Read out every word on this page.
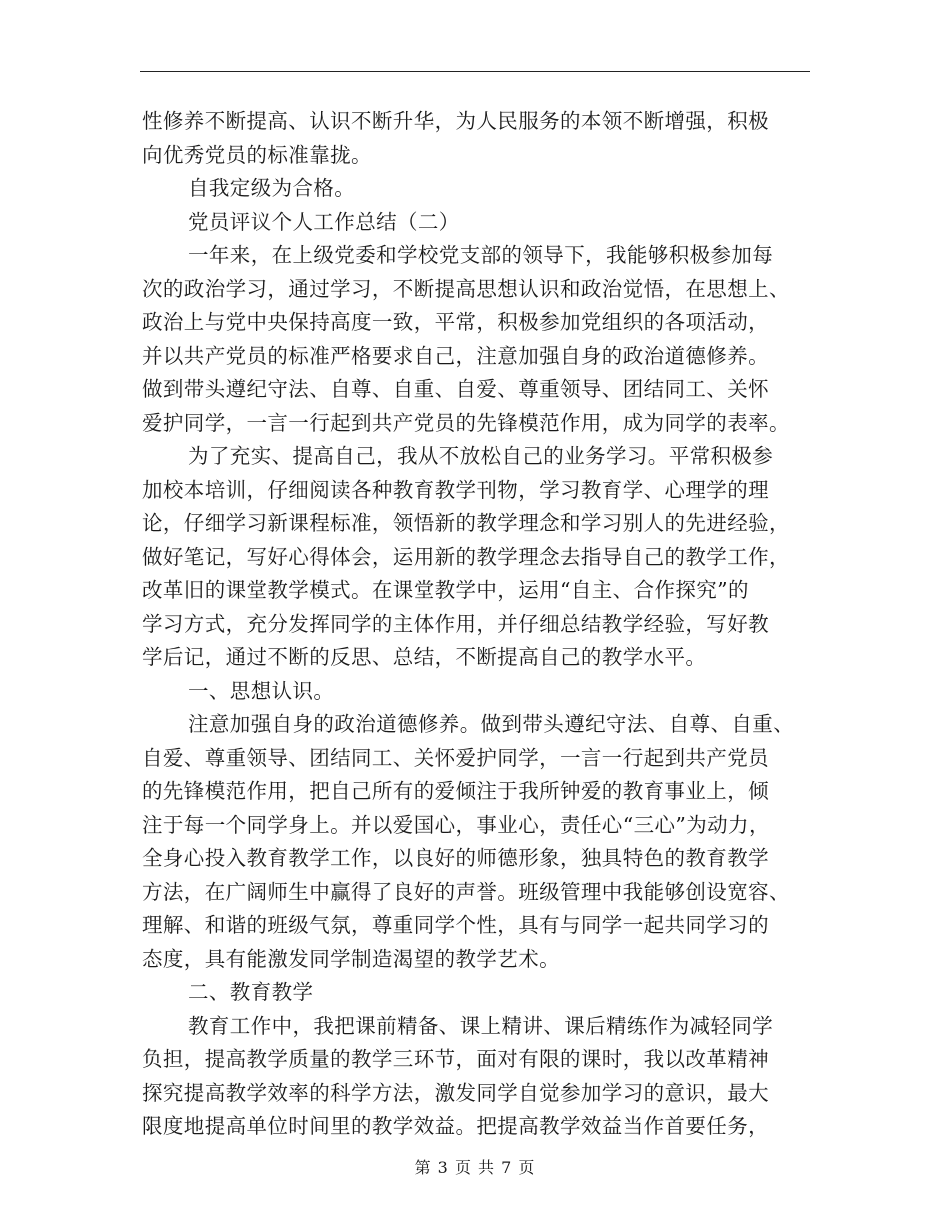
性修养不断提高、认识不断升华，为人民服务的本领不断增强，积极
向优秀党员的标准靠拢。
自我定级为合格。
党员评议个人工作总结（二）
一年来，在上级党委和学校党支部的领导下，我能够积极参加每
次的政治学习，通过学习，不断提高思想认识和政治觉悟，在思想上、
政治上与党中央保持高度一致，平常，积极参加党组织的各项活动，
并以共产党员的标准严格要求自己，注意加强自身的政治道德修养。
做到带头遵纪守法、自尊、自重、自爱、尊重领导、团结同工、关怀
爱护同学，一言一行起到共产党员的先锋模范作用，成为同学的表率。
为了充实、提高自己，我从不放松自己的业务学习。平常积极参
加校本培训，仔细阅读各种教育教学刊物，学习教育学、心理学的理
论，仔细学习新课程标准，领悟新的教学理念和学习别人的先进经验，
做好笔记，写好心得体会，运用新的教学理念去指导自己的教学工作，
改革旧的课堂教学模式。在课堂教学中，运用“自主、合作探究”的
学习方式，充分发挥同学的主体作用，并仔细总结教学经验，写好教
学后记，通过不断的反思、总结，不断提高自己的教学水平。
一、思想认识。
注意加强自身的政治道德修养。做到带头遵纪守法、自尊、自重、
自爱、尊重领导、团结同工、关怀爱护同学，一言一行起到共产党员
的先锋模范作用，把自己所有的爱倾注于我所钟爱的教育事业上，倾
注于每一个同学身上。并以爱国心，事业心，责任心“三心”为动力，
全身心投入教育教学工作，以良好的师德形象，独具特色的教育教学
方法，在广阔师生中赢得了良好的声誉。班级管理中我能够创设宽容、
理解、和谐的班级气氛，尊重同学个性，具有与同学一起共同学习的
态度，具有能激发同学制造渴望的教学艺术。
二、教育教学
教育工作中，我把课前精备、课上精讲、课后精练作为减轻同学
负担，提高教学质量的教学三环节，面对有限的课时，我以改革精神
探究提高教学效率的科学方法，激发同学自觉参加学习的意识，最大
限度地提高单位时间里的教学效益。把提高教学效益当作首要任务，
第 3 页 共 7 页
